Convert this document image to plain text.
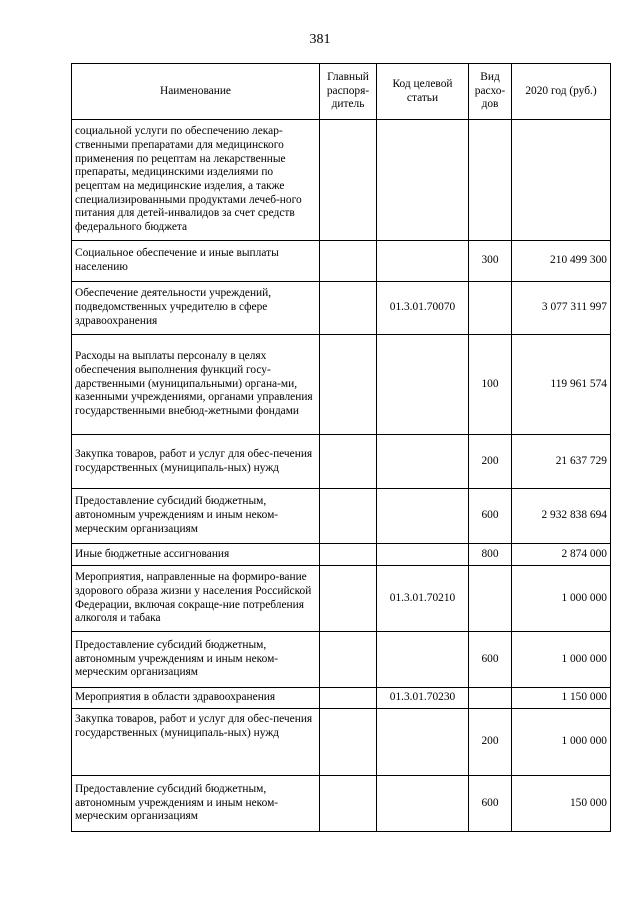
381
Наименование	Главный распоря-дитель	Код целевой статьи	Вид расхо-дов	2020 год (руб.)
социальной услуги по обеспечению лекар-ственными препаратами для медицинского применения по рецептам на лекарственные препараты, медицинскими изделиями по рецептам на медицинские изделия, а также специализированными продуктами лечеб-ного питания для детей-инвалидов за счет средств федерального бюджета				
Социальное обеспечение и иные выплаты населению			300	210 499 300
Обеспечение деятельности учреждений, подведомственных учредителю в сфере здравоохранения		01.3.01.70070		3 077 311 997
Расходы на выплаты персоналу в целях обеспечения выполнения функций госу-дарственными (муниципальными) органа-ми, казенными учреждениями, органами управления государственными внебюд-жетными фондами			100	119 961 574
Закупка товаров, работ и услуг для обес-печения государственных (муниципаль-ных) нужд			200	21 637 729
Предоставление субсидий бюджетным, автономным учреждениям и иным неком-мерческим организациям			600	2 932 838 694
Иные бюджетные ассигнования			800	2 874 000
Мероприятия, направленные на формиро-вание здорового образа жизни у населения Российской Федерации, включая сокраще-ние потребления алкоголя и табака		01.3.01.70210		1 000 000
Предоставление субсидий бюджетным, автономным учреждениям и иным неком-мерческим организациям			600	1 000 000
Мероприятия в области здравоохранения		01.3.01.70230		1 150 000
Закупка товаров, работ и услуг для обес-печения государственных (муниципаль-ных) нужд			200	1 000 000
Предоставление субсидий бюджетным, автономным учреждениям и иным неком-мерческим организациям			600	150 000
